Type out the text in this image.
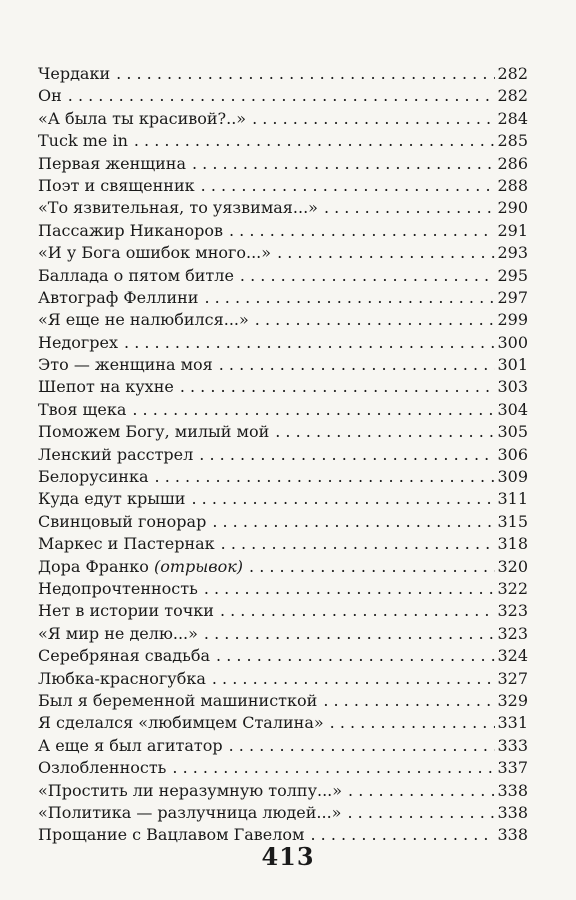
Чердаки . . .	282
Он . . .	282
«А была ты красивой?..» . . .	284
Tuck me in . . .	285
Первая женщина . . .	286
Поэт и священник . . .	288
«То язвительная, то уязвимая...» . . .	290
Пассажир Никаноров . . .	291
«И у Бога ошибок много...» . . .	293
Баллада о пятом битле . . .	295
Автограф Феллини . . .	297
«Я еще не налюбился...» . . .	299
Недогрех . . .	300
Это — женщина моя . . .	301
Шепот на кухне . . .	303
Твоя щека . . .	304
Поможем Богу, милый мой . . .	305
Ленский расстрел . . .	306
Белорусинка . . .	309
Куда едут крыши . . .	311
Свинцовый гонорар . . .	315
Маркес и Пастернак . . .	318
Дора Франко (отрывок) . . .	320
Недопрочтенность . . .	322
Нет в истории точки . . .	323
«Я мир не делю...» . . .	323
Серебряная свадьба . . .	324
Любка-красногубка . . .	327
Был я беременной машинисткой . . .	329
Я сделался «любимцем Сталина» . . .	331
А еще я был агитатор . . .	333
Озлобленность . . .	337
«Простить ли неразумную толпу...» . . .	338
«Политика — разлучница людей...» . . .	338
Прощание с Вацлавом Гавелом . . .	338
413
